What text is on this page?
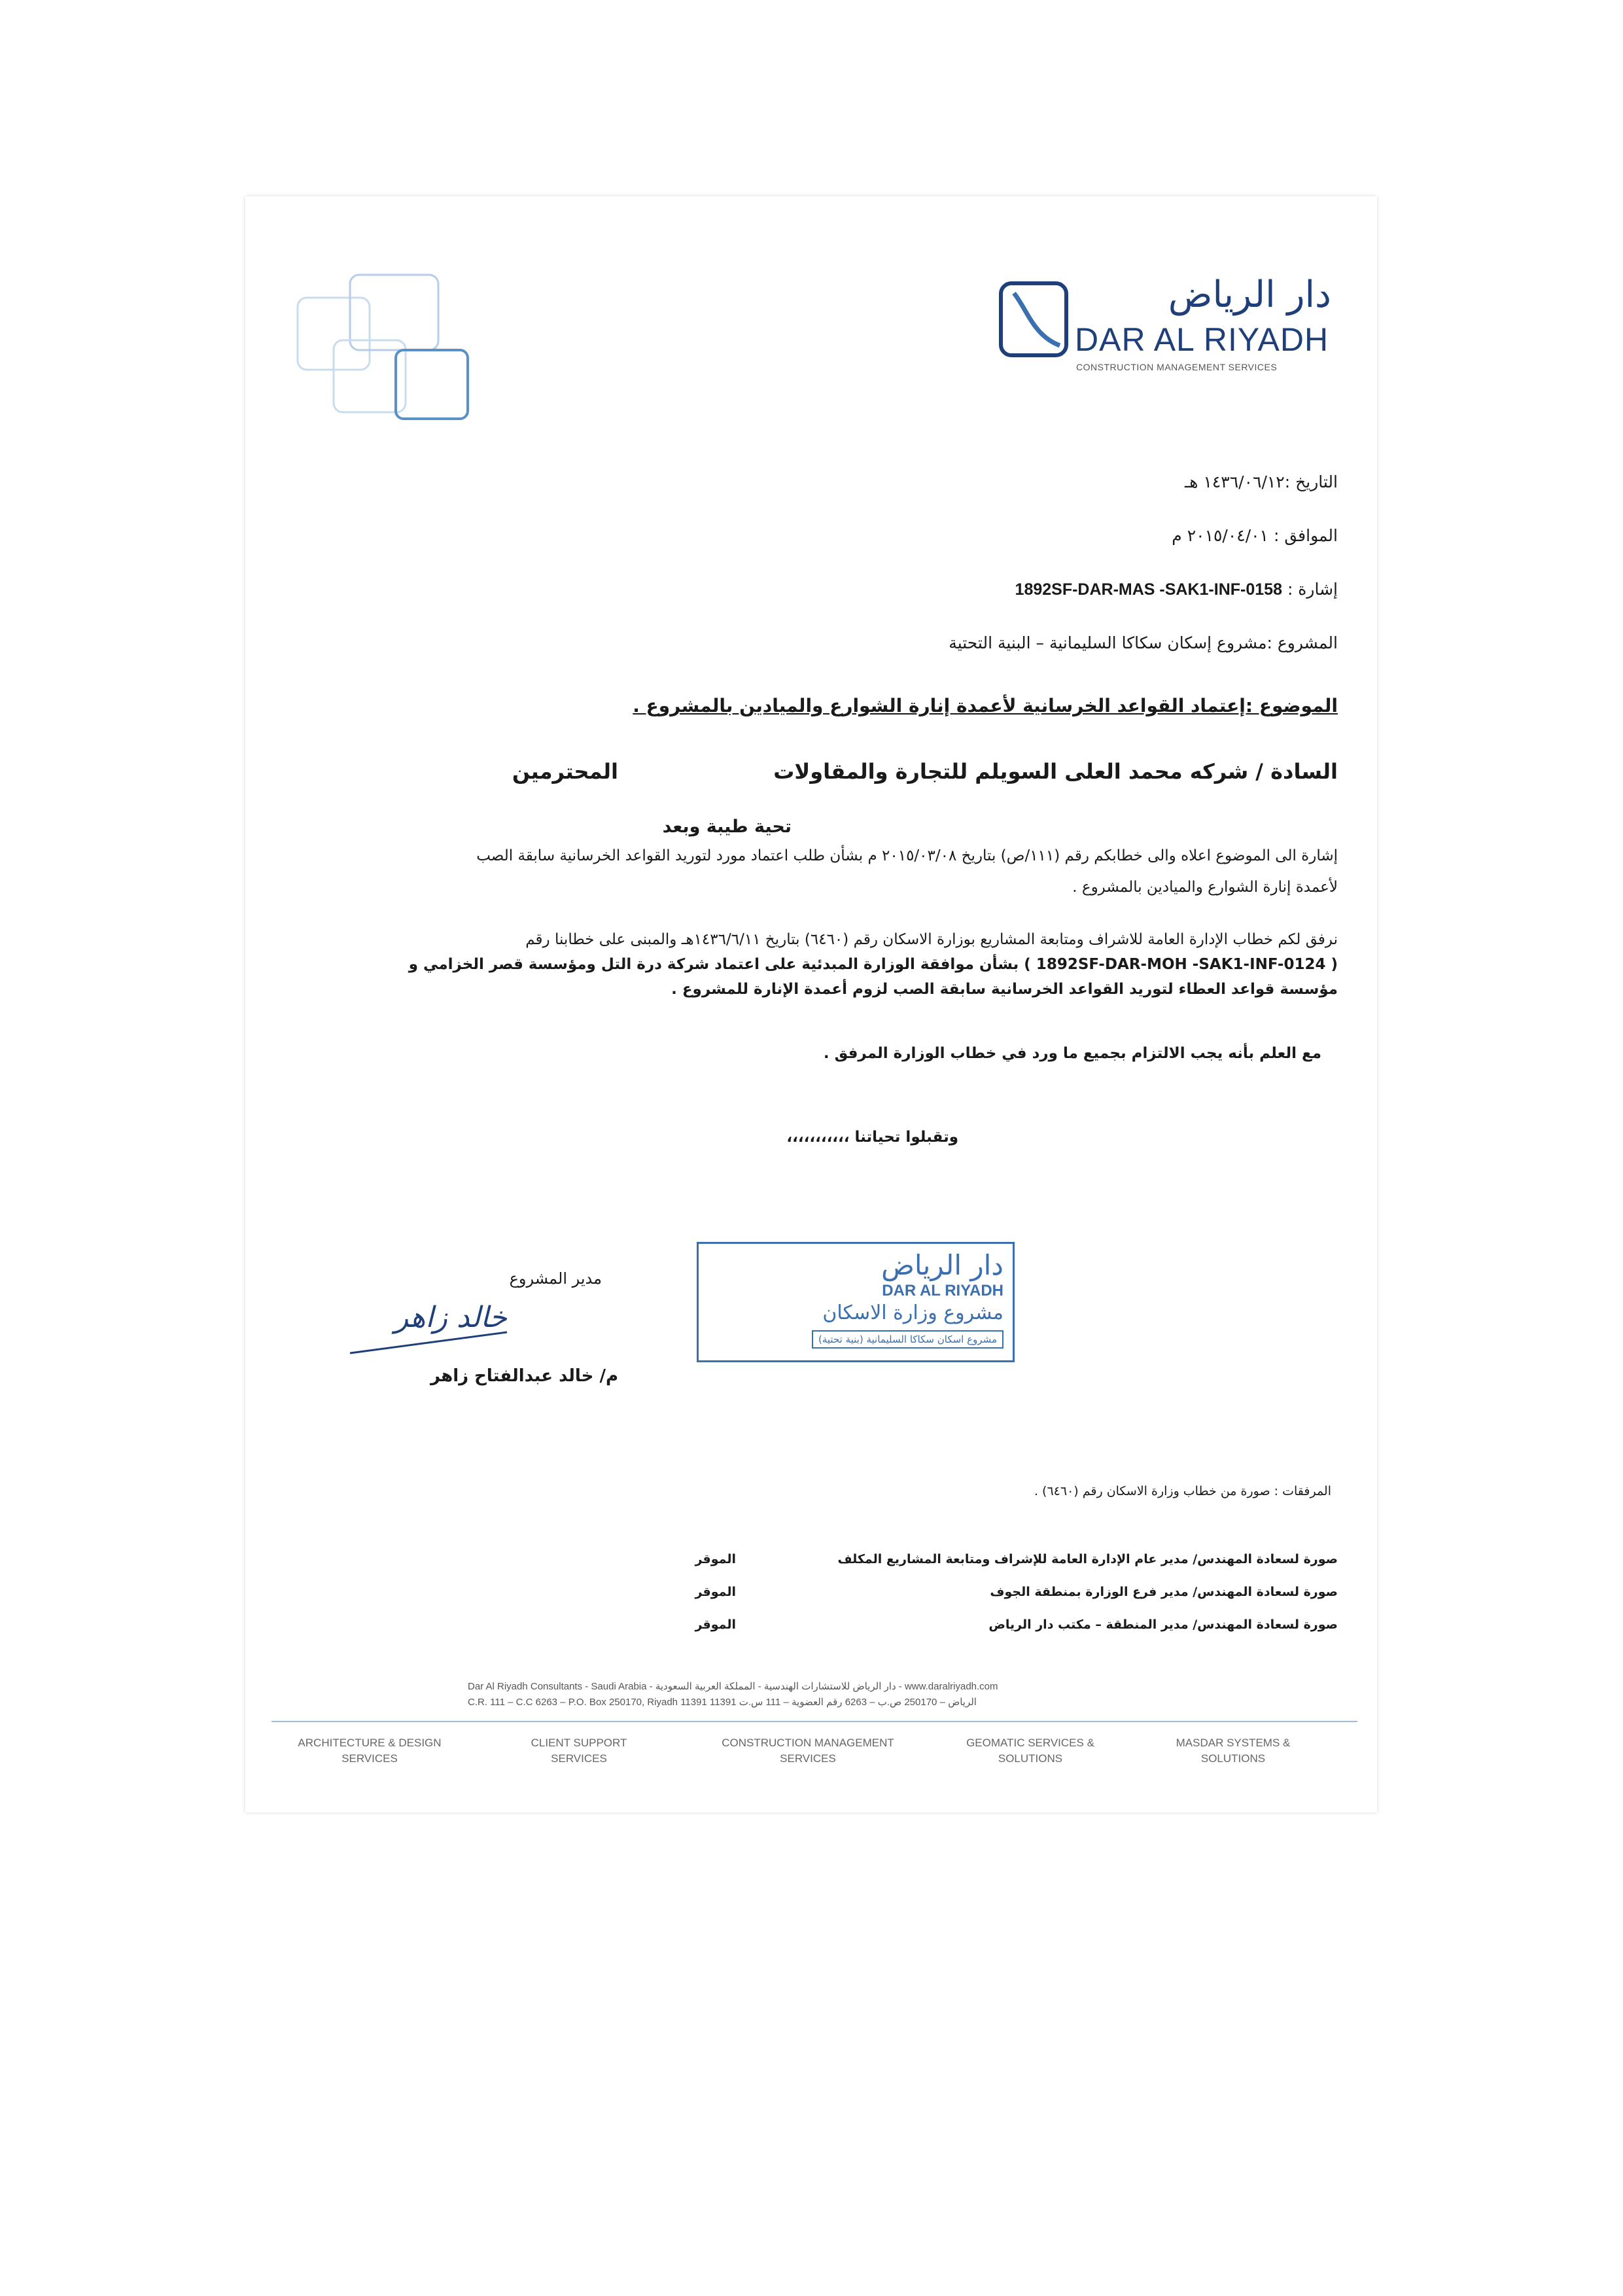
دار الرياض
DAR AL RIYADH
CONSTRUCTION MANAGEMENT SERVICES
التاريخ :١٤٣٦/٠٦/١٢ هـ
الموافق : ٢٠١٥/٠٤/٠١ م
إشارة : 1892SF-DAR-MAS -SAK1-INF-0158
المشروع :مشروع إسكان سكاكا السليمانية – البنية التحتية
الموضوع :إعتماد القواعد الخرسانية لأعمدة إنارة الشوارع والميادين بالمشروع .
السادة / شركه محمد العلى السويلم للتجارة والمقاولات
المحترمين
تحية طيبة وبعد
إشارة الى الموضوع اعلاه والى خطابكم رقم (١١١/ص) بتاريخ ٢٠١٥/٠٣/٠٨ م بشأن طلب اعتماد مورد لتوريد القواعد الخرسانية سابقة الصب
لأعمدة إنارة الشوارع والميادين بالمشروع .
نرفق لكم خطاب الإدارة العامة للاشراف ومتابعة المشاريع بوزارة الاسكان رقم (٦٤٦٠) بتاريخ ١٤٣٦/٦/١١هـ والمبنى على خطابنا رقم
( 1892SF-DAR-MOH -SAK1-INF-0124 ) بشأن موافقة الوزارة المبدئية على اعتماد شركة درة التل ومؤسسة قصر الخزامي و
مؤسسة قواعد العطاء لتوريد القواعد الخرسانية سابقة الصب لزوم أعمدة الإنارة للمشروع .
مع العلم بأنه يجب الالتزام بجميع ما ورد في خطاب الوزارة المرفق .
وتقبلوا تحياتنا ،،،،،،،،،،،
دار الرياض
DAR AL RIYADH
مشروع وزارة الاسكان
مشروع اسكان سكاكا السليمانية (بنية تحتية)
مدير المشروع
خالد زاهر
م/ خالد عبدالفتاح زاهر
المرفقات : صورة من خطاب وزارة الاسكان رقم (٦٤٦٠) .
صورة لسعادة المهندس/ مدير عام الإدارة العامة للإشراف ومتابعة المشاريع المكلف
الموقر
صورة لسعادة المهندس/ مدير فرع الوزارة بمنطقة الجوف
الموقر
صورة لسعادة المهندس/ مدير المنطقة – مكتب دار الرياض
الموقر
Dar Al Riyadh Consultants - Saudi Arabia - دار الرياض للاستشارات الهندسية - المملكة العربية السعودية - www.daralriyadh.com
C.R. 111 – C.C 6263 – P.O. Box 250170, Riyadh 11391 11391 الرياض – 250170 ص.ب – 6263 رقم العضوية – 111 س.ت
ARCHITECTURE & DESIGN
SERVICES
CLIENT SUPPORT
SERVICES
CONSTRUCTION MANAGEMENT
SERVICES
GEOMATIC SERVICES &
SOLUTIONS
MASDAR SYSTEMS &
SOLUTIONS
